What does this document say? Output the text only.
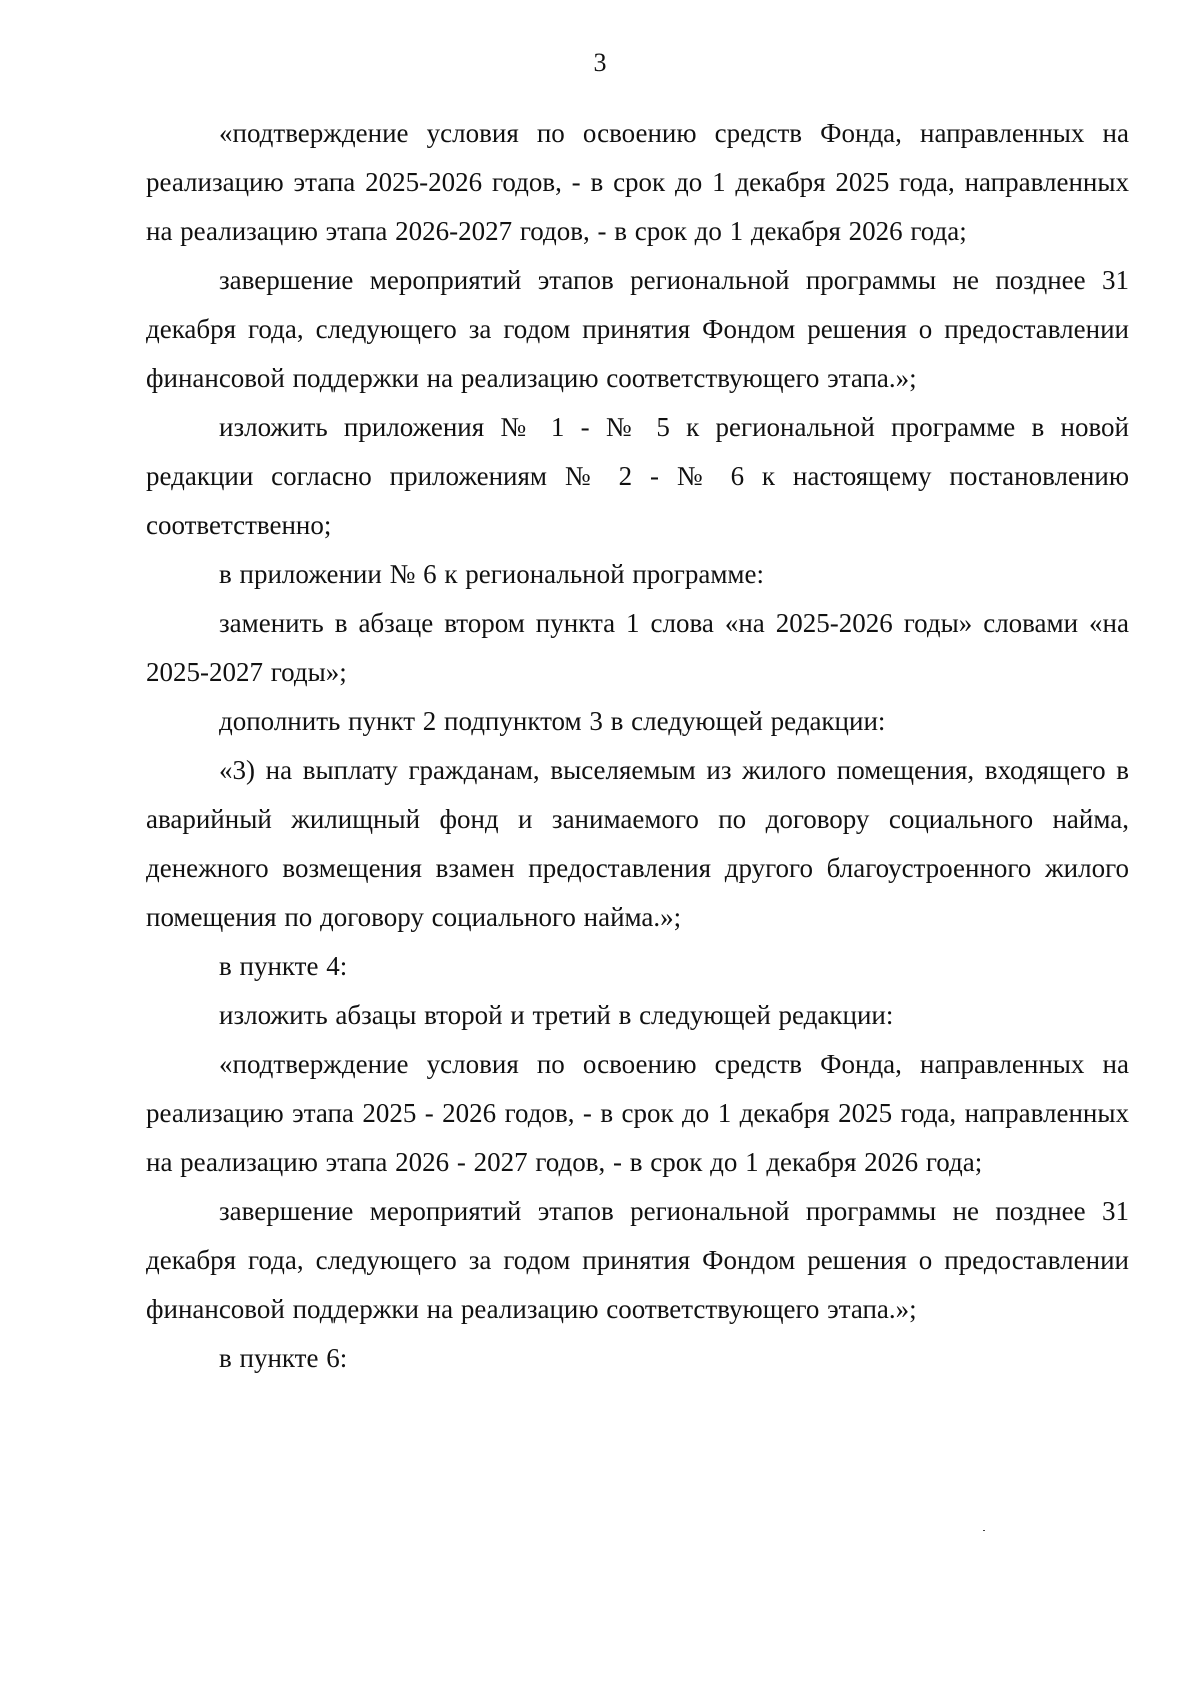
3

«подтверждение условия по освоению средств Фонда, направленных на реализацию этапа 2025-2026 годов, - в срок до 1 декабря 2025 года, направленных на реализацию этапа 2026-2027 годов, - в срок до 1 декабря 2026 года;

завершение мероприятий этапов региональной программы не позднее 31 декабря года, следующего за годом принятия Фондом решения о предоставлении финансовой поддержки на реализацию соответствующего этапа.»;

изложить приложения № 1 - № 5 к региональной программе в новой редакции согласно приложениям № 2 - № 6 к настоящему постановлению соответственно;

в приложении № 6 к региональной программе:

заменить в абзаце втором пункта 1 слова «на 2025-2026 годы» словами «на 2025-2027 годы»;

дополнить пункт 2 подпунктом 3 в следующей редакции:

«3) на выплату гражданам, выселяемым из жилого помещения, входящего в аварийный жилищный фонд и занимаемого по договору социального найма, денежного возмещения взамен предоставления другого благоустроенного жилого помещения по договору социального найма.»;

в пункте 4:

изложить абзацы второй и третий в следующей редакции:

«подтверждение условия по освоению средств Фонда, направленных на реализацию этапа 2025 - 2026 годов, - в срок до 1 декабря 2025 года, направленных на реализацию этапа 2026 - 2027 годов, - в срок до 1 декабря 2026 года;

завершение мероприятий этапов региональной программы не позднее 31 декабря года, следующего за годом принятия Фондом решения о предоставлении финансовой поддержки на реализацию соответствующего этапа.»;

в пункте 6:
